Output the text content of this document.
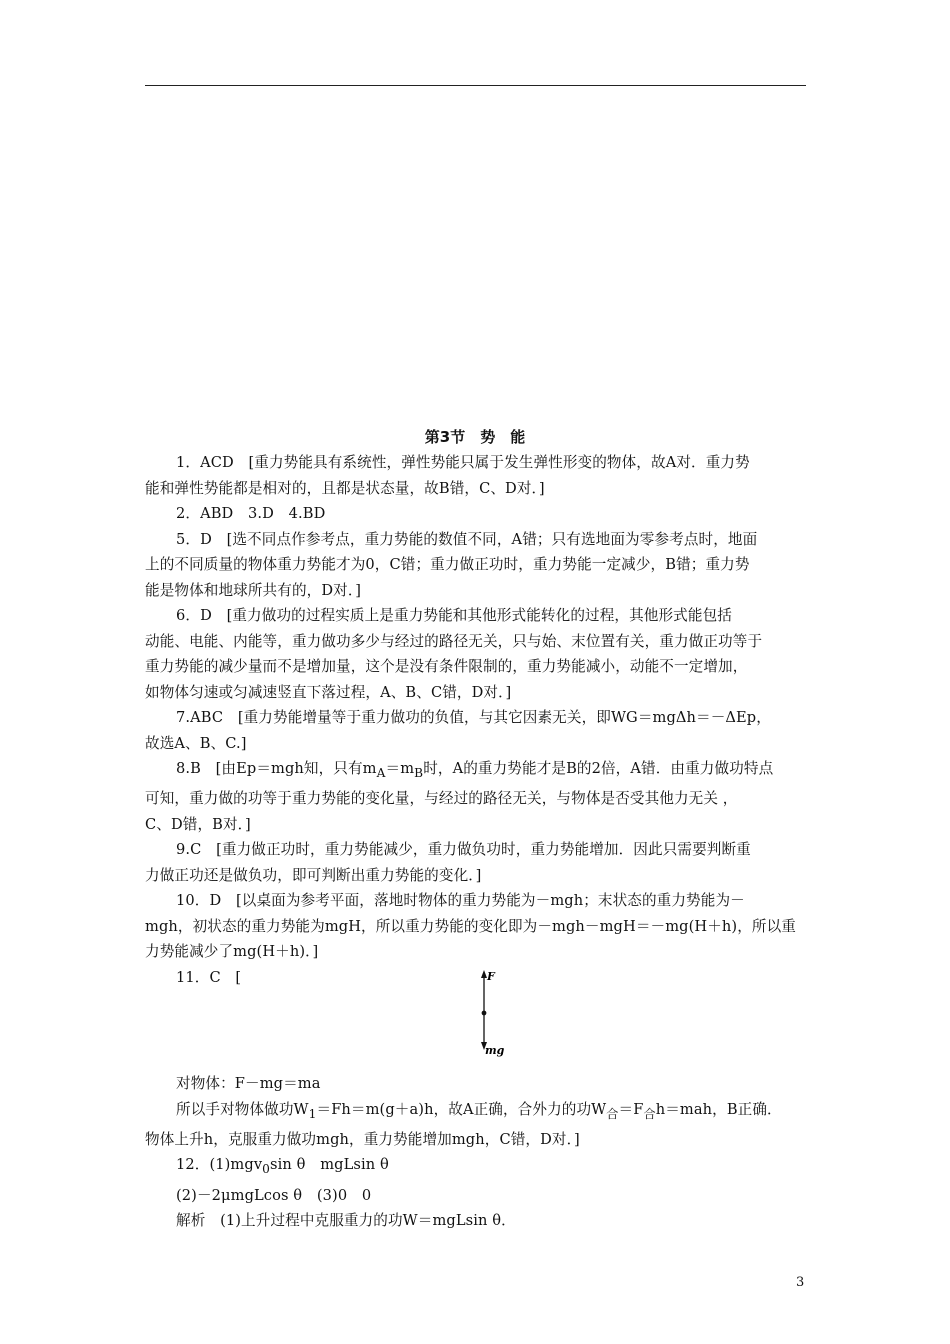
第3节　势　能
1．ACD　[重力势能具有系统性，弹性势能只属于发生弹性形变的物体，故A对．重力势
能和弹性势能都是相对的，且都是状态量，故B错，C、D对．]
2．ABD　3.D　4.BD
5．D　[选不同点作参考点，重力势能的数值不同，A错；只有选地面为零参考点时，地面
上的不同质量的物体重力势能才为0，C错；重力做正功时，重力势能一定减少，B错；重力势
能是物体和地球所共有的，D对．]
6．D　[重力做功的过程实质上是重力势能和其他形式能转化的过程，其他形式能包括
动能、电能、内能等，重力做功多少与经过的路径无关，只与始、末位置有关，重力做正功等于
重力势能的减少量而不是增加量，这个是没有条件限制的，重力势能减小，动能不一定增加，
如物体匀速或匀减速竖直下落过程，A、B、C错，D对．]
7.ABC　[重力势能增量等于重力做功的负值，与其它因素无关，即WG＝mgΔh＝－ΔEp，
故选A、B、C.]
8.B　[由Ep＝mgh知，只有$m_A=m_B$时，A的重力势能才是B的2倍，A错．由重力做功特点
可知，重力做的功等于重力势能的变化量，与经过的路径无关，与物体是否受其他力无关 ，
C、D错，B对．]
9.C　[重力做正功时，重力势能减少，重力做负功时，重力势能增加．因此只需要判断重
力做正功还是做负功，即可判断出重力势能的变化．]
10．D　[以桌面为参考平面，落地时物体的重力势能为－mgh；末状态的重力势能为－
mgh，初状态的重力势能为mgH，所以重力势能的变化即为－mgh－mgH＝－mg(H＋h)，所以重
力势能减少了mg(H＋h)．]
11．C　[	F
mg
对物体：F－mg＝ma
所以手对物体做功$W_1=Fh=m(g+a)h$，故A正确，合外力的功$W_合=F_合h=mah$，B正确．
物体上升h，克服重力做功mgh，重力势能增加mgh，C错，D对．]
12．(1)mgv$_0$sin θ　mgLsin θ
(2)－2μmgLcos θ　(3)0　0
解析　(1)上升过程中克服重力的功W＝mgLsin θ．
3
